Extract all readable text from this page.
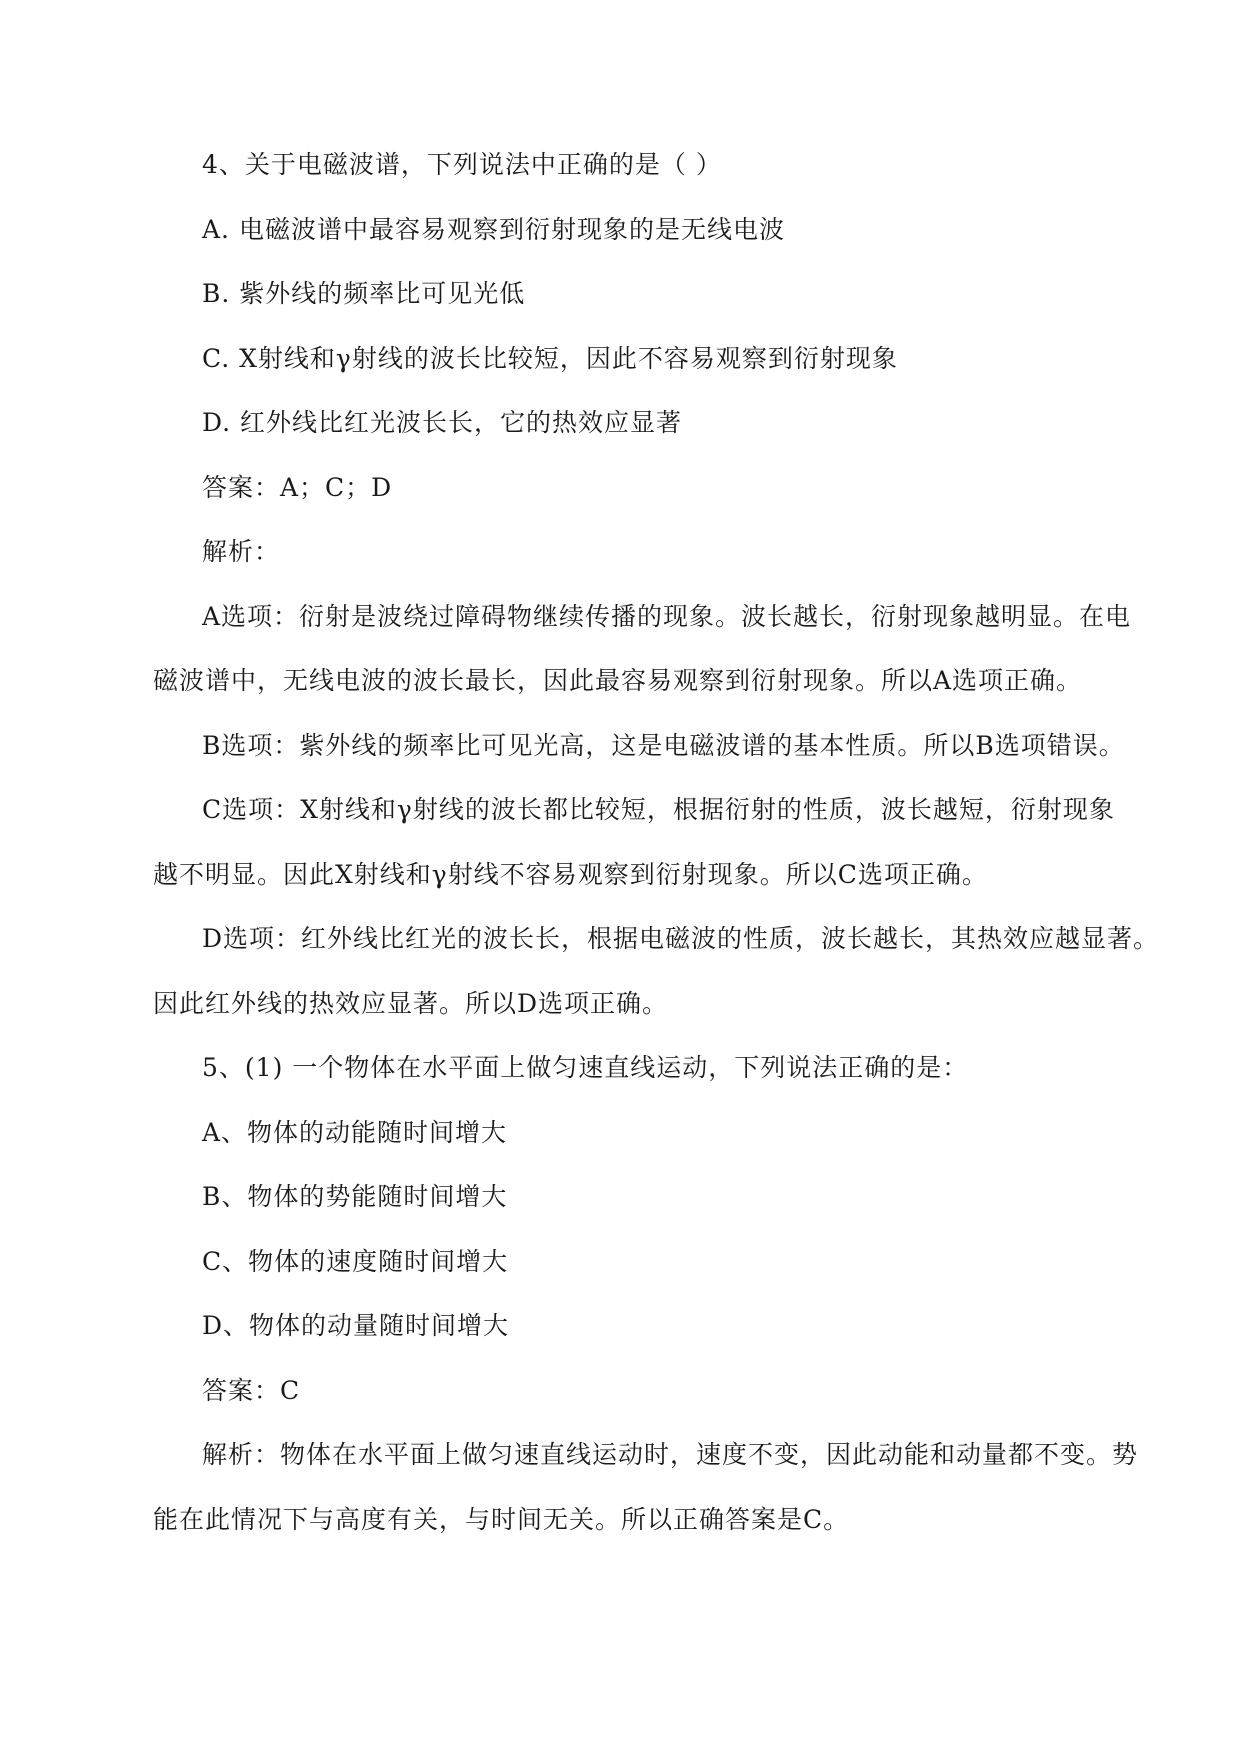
4、关于电磁波谱，下列说法中正确的是（ ）
A. 电磁波谱中最容易观察到衍射现象的是无线电波
B. 紫外线的频率比可见光低
C. X射线和γ射线的波长比较短，因此不容易观察到衍射现象
D. 红外线比红光波长长，它的热效应显著
答案：A；C；D
解析：
A选项：衍射是波绕过障碍物继续传播的现象。波长越长，衍射现象越明显。在电
磁波谱中，无线电波的波长最长，因此最容易观察到衍射现象。所以A选项正确。
B选项：紫外线的频率比可见光高，这是电磁波谱的基本性质。所以B选项错误。
C选项：X射线和γ射线的波长都比较短，根据衍射的性质，波长越短，衍射现象
越不明显。因此X射线和γ射线不容易观察到衍射现象。所以C选项正确。
D选项：红外线比红光的波长长，根据电磁波的性质，波长越长，其热效应越显著。
因此红外线的热效应显著。所以D选项正确。
5、(1) 一个物体在水平面上做匀速直线运动，下列说法正确的是：
A、物体的动能随时间增大
B、物体的势能随时间增大
C、物体的速度随时间增大
D、物体的动量随时间增大
答案：C
解析：物体在水平面上做匀速直线运动时，速度不变，因此动能和动量都不变。势
能在此情况下与高度有关，与时间无关。所以正确答案是C。
